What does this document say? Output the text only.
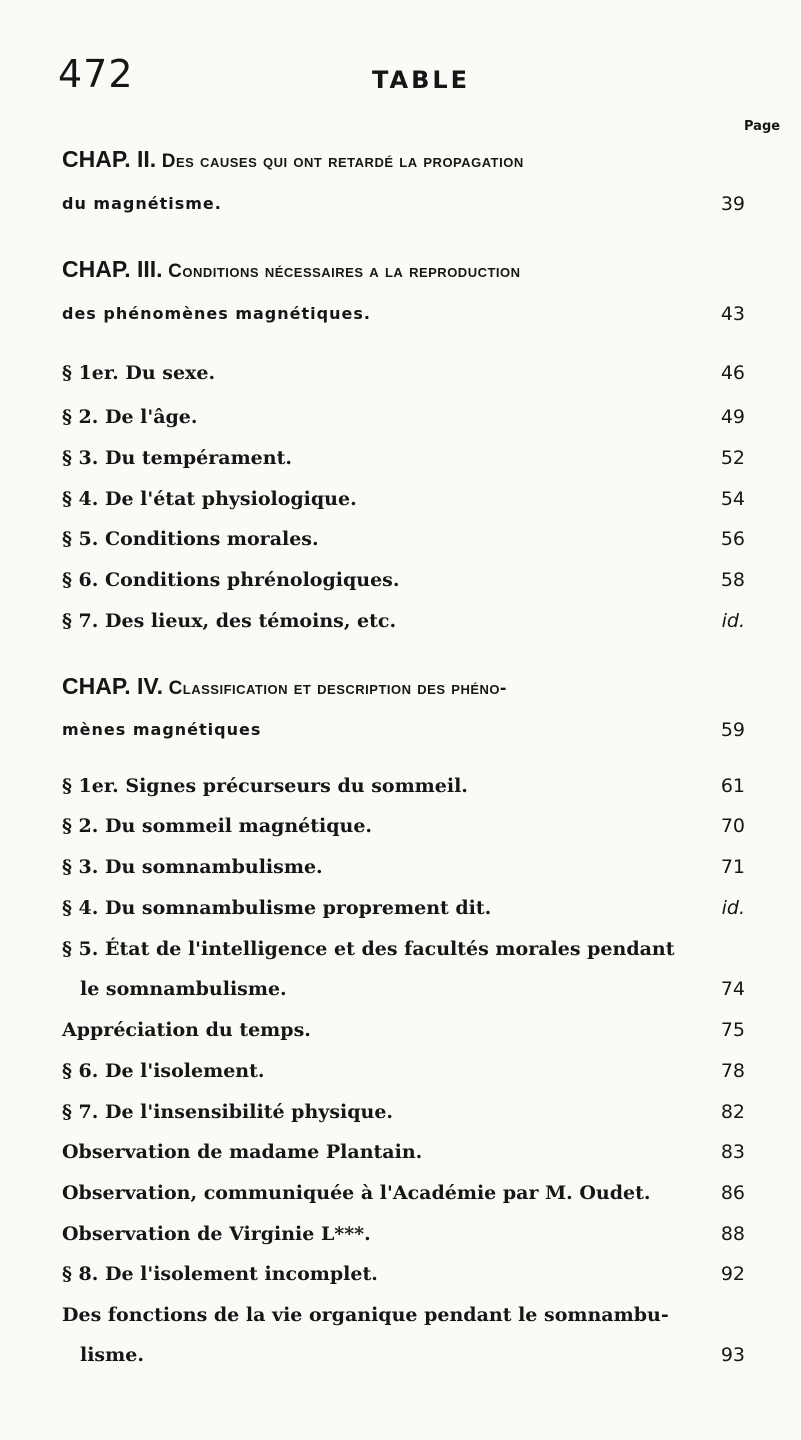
472	TABLE
Page
CHAP. II. Des causes qui ont retardé la propagation
du magnétisme.	39
CHAP. III. Conditions nécessaires a la reproduction
des phénomènes magnétiques.	43
§ 1er. Du sexe.	46
§ 2. De l'âge.	49
§ 3. Du tempérament.	52
§ 4. De l'état physiologique.	54
§ 5. Conditions morales.	56
§ 6. Conditions phrénologiques.	58
§ 7. Des lieux, des témoins, etc.	id.
CHAP. IV. Classification et description des phéno-
mènes magnétiques	59
§ 1er. Signes précurseurs du sommeil.	61
§ 2. Du sommeil magnétique.	70
§ 3. Du somnambulisme.	71
§ 4. Du somnambulisme proprement dit.	id.
§ 5. État de l'intelligence et des facultés morales pendant
le somnambulisme.	74
Appréciation du temps.	75
§ 6. De l'isolement.	78
§ 7. De l'insensibilité physique.	82
Observation de madame Plantain.	83
Observation, communiquée à l'Académie par M. Oudet.	86
Observation de Virginie L***.	88
§ 8. De l'isolement incomplet.	92
Des fonctions de la vie organique pendant le somnambu-
lisme.	93
